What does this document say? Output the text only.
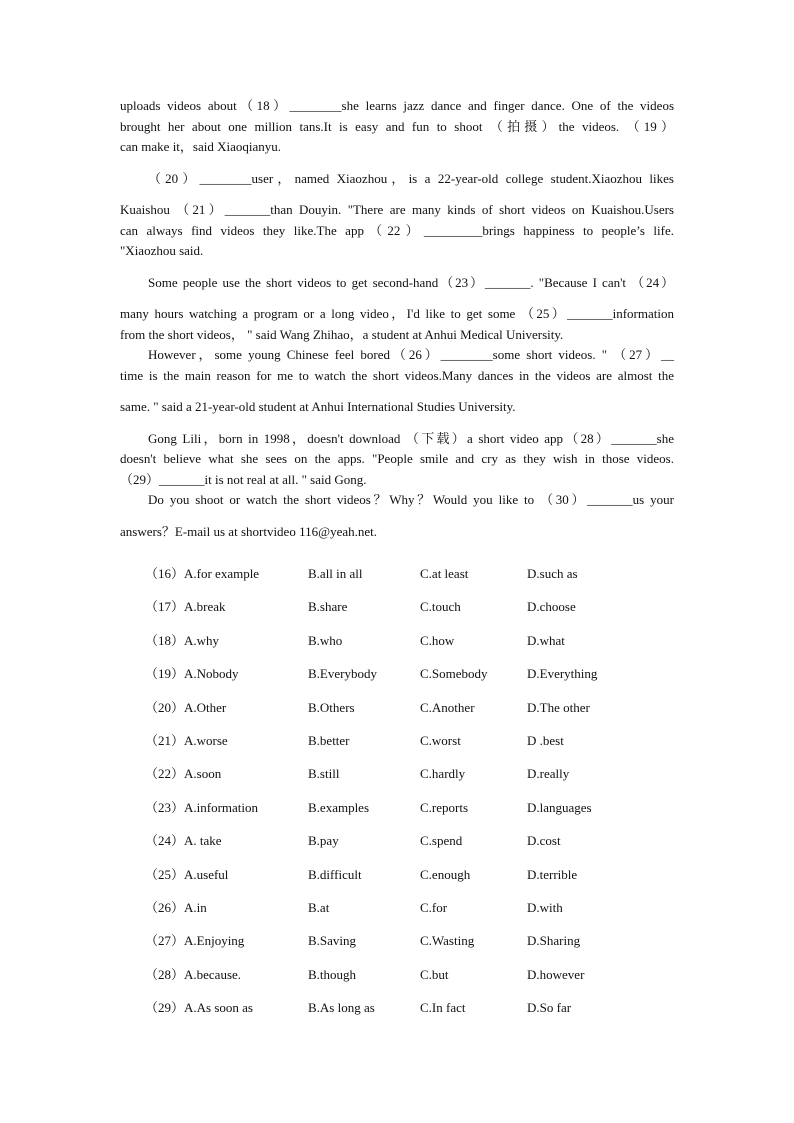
uploads videos about（18）________she learns jazz dance and finger dance. One of the videos
brought her about one million tans.It is easy and fun to shoot （拍摄）the videos. （19）
can make it，said Xiaoqianyu.

（20）________user，named Xiaozhou，is a 22-year-old college student.Xiaozhou likes

Kuaishou （21）_______than Douyin. "There are many kinds of short videos on Kuaishou.Users
can always find videos they like.The app（22）_________brings happiness to people’s life.
"Xiaozhou said.

Some people use the short videos to get second-hand（23）_______. "Because I can't （24）

many hours watching a program or a long video，I'd like to get some （25）_______information
from the short videos， " said Wang Zhihao，a student at Anhui Medical University.

However，some young Chinese feel bored（26）________some short videos. " （27）__
time is the main reason for me to watch the short videos.Many dances in the videos are almost the

same. " said a 21-year-old student at Anhui International Studies University.

Gong Lili，born in 1998，doesn't download （下载）a short video app（28）_______she
doesn't believe what she sees on the apps. "People smile and cry as they wish in those videos.
（29）_______it is not real at all. " said Gong.
Do you shoot or watch the short videos？Why？Would you like to （30）_______us your

answers？E-mail us at shortvideo 116@yeah.net.

（16）A.for example	B.all in all	C.at least	D.such as
（17）A.break	B.share	C.touch	D.choose
（18）A.why	B.who	C.how	D.what
（19）A.Nobody	B.Everybody	C.Somebody	D.Everything
（20）A.Other	B.Others	C.Another	D.The other
（21）A.worse	B.better	C.worst	D .best
（22）A.soon	B.still	C.hardly	D.really
（23）A.information	B.examples	C.reports	D.languages
（24）A. take	B.pay	C.spend	D.cost
（25）A.useful	B.difficult	C.enough	D.terrible
（26）A.in	B.at	C.for	D.with
（27）A.Enjoying	B.Saving	C.Wasting	D.Sharing
（28）A.because.	B.though	C.but	D.however
（29）A.As soon as	B.As long as	C.In fact	D.So far
